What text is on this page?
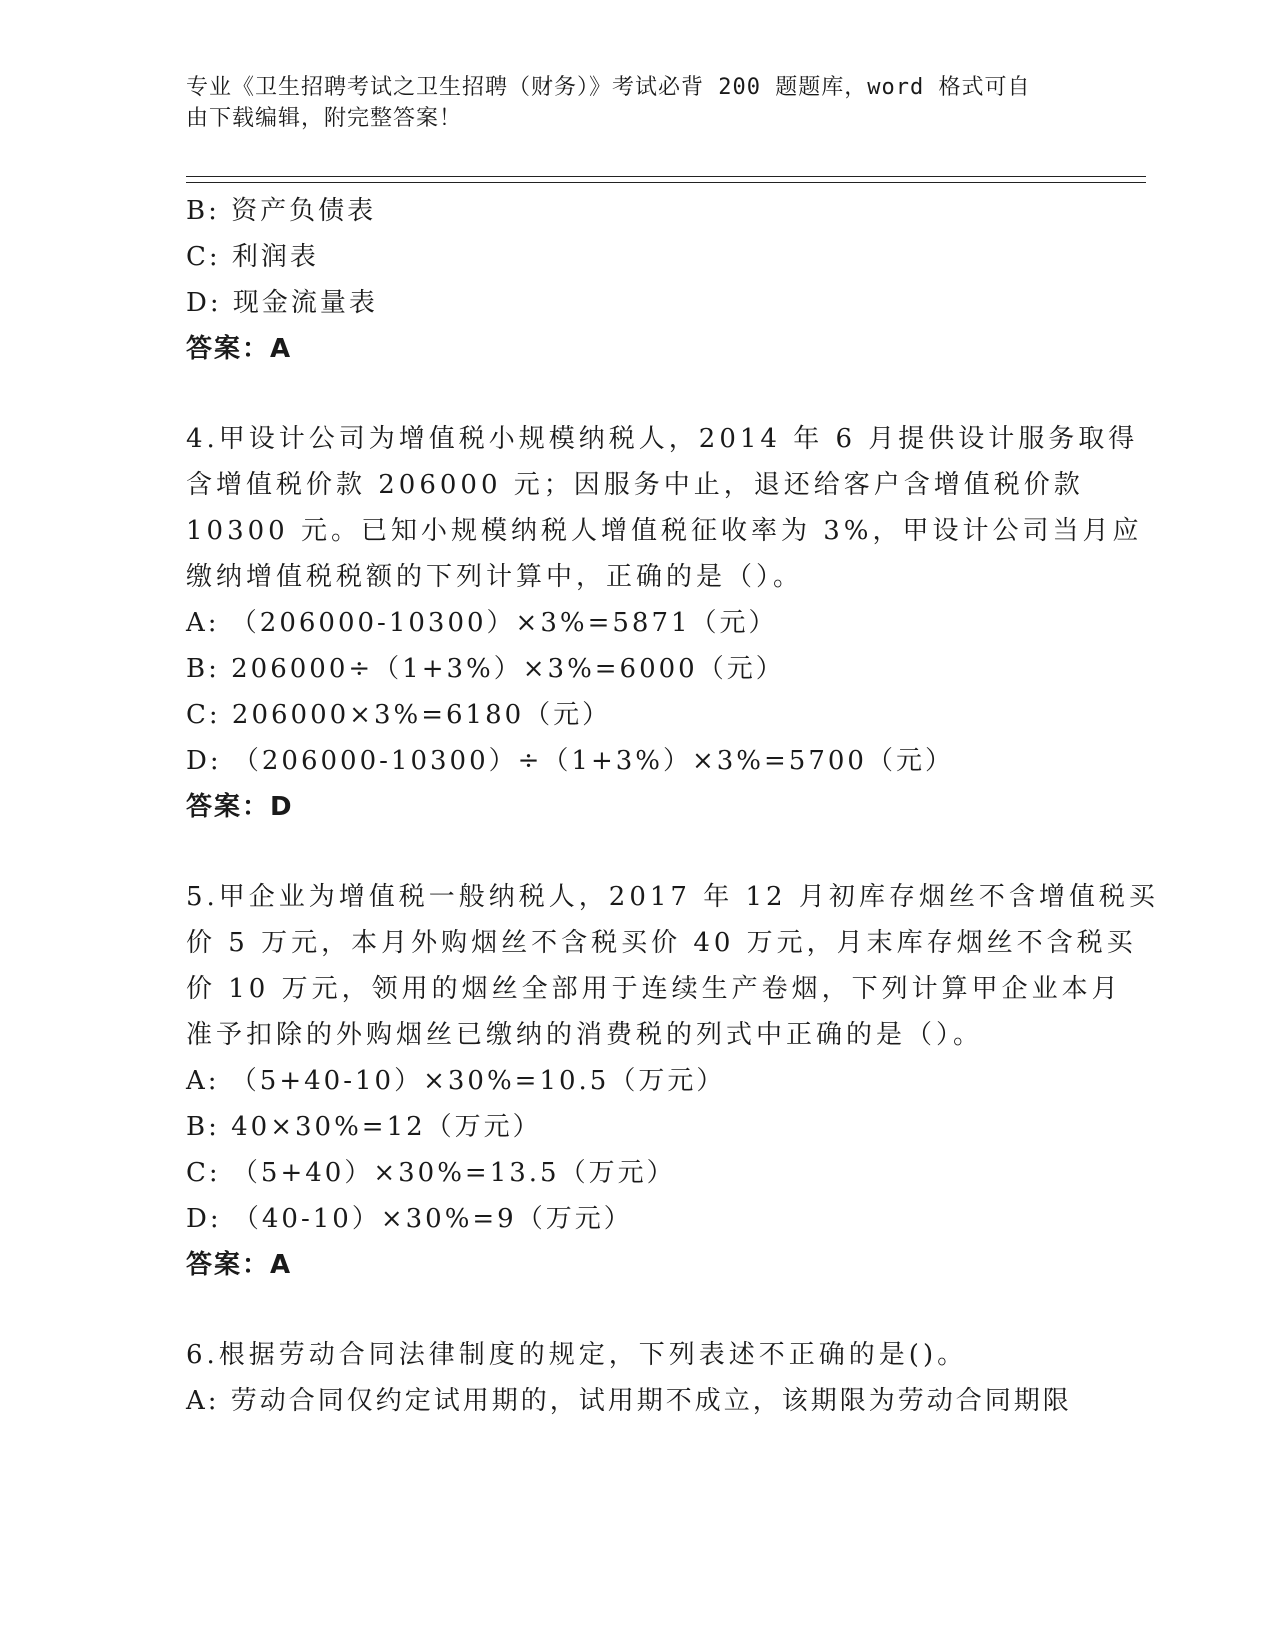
专业《卫生招聘考试之卫生招聘（财务）》考试必背 200 题题库，word 格式可自
由下载编辑，附完整答案！
B: 资产负债表
C: 利润表
D: 现金流量表
答案：A
4.甲设计公司为增值税小规模纳税人，2014 年 6 月提供设计服务取得
含增值税价款 206000 元；因服务中止，退还给客户含增值税价款
10300 元。已知小规模纳税人增值税征收率为 3%，甲设计公司当月应
缴纳增值税税额的下列计算中，正确的是（）。
A: （206000-10300）×3%=5871（元）
B: 206000÷（1+3%）×3%=6000（元）
C: 206000×3%=6180（元）
D: （206000-10300）÷（1+3%）×3%=5700（元）
答案：D
5.甲企业为增值税一般纳税人，2017 年 12 月初库存烟丝不含增值税买
价 5 万元，本月外购烟丝不含税买价 40 万元，月末库存烟丝不含税买
价 10 万元，领用的烟丝全部用于连续生产卷烟，下列计算甲企业本月
准予扣除的外购烟丝已缴纳的消费税的列式中正确的是（）。
A: （5+40-10）×30%=10.5（万元）
B: 40×30%=12（万元）
C: （5+40）×30%=13.5（万元）
D: （40-10）×30%=9（万元）
答案：A
6.根据劳动合同法律制度的规定，下列表述不正确的是()。
A: 劳动合同仅约定试用期的，试用期不成立，该期限为劳动合同期限
